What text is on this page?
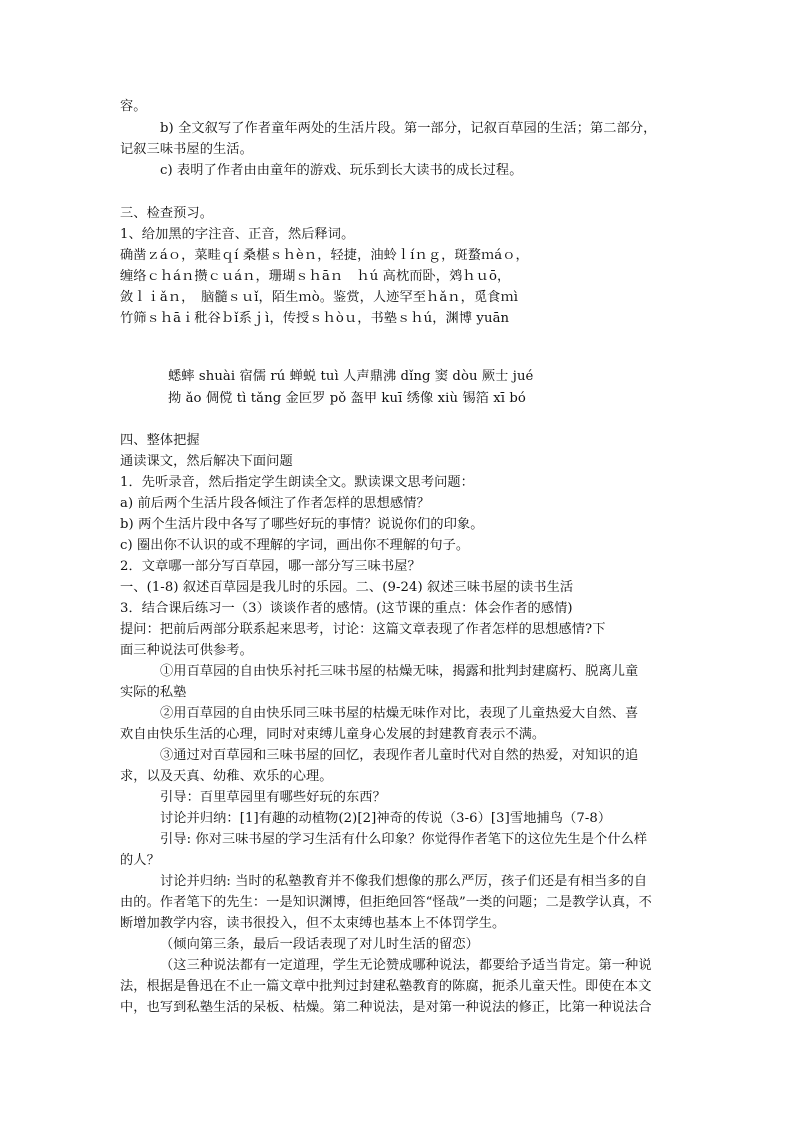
容。
b) 全文叙写了作者童年两处的生活片段。第一部分，记叙百草园的生活；第二部分，
记叙三味书屋的生活。
c) 表明了作者由由童年的游戏、玩乐到长大读书的成长过程。
三、检查预习。
1、给加黑的字注音、正音，然后释词。
确凿ｚáｏ，菜畦ｑí 桑椹ｓｈèｎ，轻捷，油蛉ｌíｎｇ，斑蝥ｍáｏ，
缠络ｃｈáｎ攒ｃｕáｎ，珊瑚ｓｈāｎ　ｈú 高枕而卧，䴔ｈｕō，
敛ｌｉǎｎ，　脑髓ｓｕǐ，陌生ｍò。鉴赏，人迹罕至ｈǎｎ，觅食ｍì
竹筛ｓｈāｉ秕谷ｂǐ系ｊì，传授ｓｈòｕ，书塾ｓｈú，渊博 yuān
蟋蟀 shuài 宿儒 rú 蝉蜕 tuì 人声鼎沸 dǐng 窦 dòu 厥士 jué
拗 ǎo 倜傥 tì tǎng 金叵罗 pǒ 盔甲 kuī 绣像 xiù 锡箔 xī bó
四、整体把握
通读课文，然后解决下面问题
1．先听录音，然后指定学生朗读全文。默读课文思考问题：
a) 前后两个生活片段各倾注了作者怎样的思想感情？
b) 两个生活片段中各写了哪些好玩的事情？说说你们的印象。
c) 圈出你不认识的或不理解的字词，画出你不理解的句子。
2．文章哪一部分写百草园，哪一部分写三味书屋？
一、(1-8) 叙述百草园是我儿时的乐园。二、(9-24) 叙述三味书屋的读书生活
3．结合课后练习一（3）谈谈作者的感情。(这节课的重点：体会作者的感情)
提问：把前后两部分联系起来思考，讨论：这篇文章表现了作者怎样的思想感情?下
面三种说法可供参考。
①用百草园的自由快乐衬托三味书屋的枯燥无味，揭露和批判封建腐朽、脱离儿童
实际的私塾
②用百草园的自由快乐同三味书屋的枯燥无味作对比，表现了儿童热爱大自然、喜
欢自由快乐生活的心理，同时对束缚儿童身心发展的封建教育表示不满。
③通过对百草园和三味书屋的回忆，表现作者儿童时代对自然的热爱，对知识的追
求，以及天真、幼稚、欢乐的心理。
引导：百里草园里有哪些好玩的东西？
讨论并归纳：[1]有趣的动植物(2)[2]神奇的传说（3-6）[3]雪地捕鸟（7-8）
引导: 你对三味书屋的学习生活有什么印象？你觉得作者笔下的这位先生是个什么样
的人？
讨论并归纳: 当时的私塾教育并不像我们想像的那么严厉，孩子们还是有相当多的自
由的。作者笔下的先生：一是知识渊博，但拒绝回答“怪哉”一类的问题；二是教学认真，不
断增加教学内容，读书很投入，但不太束缚也基本上不体罚学生。
（倾向第三条，最后一段话表现了对儿时生活的留恋）
（这三种说法都有一定道理，学生无论赞成哪种说法，都要给予适当肯定。第一种说
法，根据是鲁迅在不止一篇文章中批判过封建私塾教育的陈腐，扼杀儿童天性。即使在本文
中，也写到私塾生活的呆板、枯燥。第二种说法，是对第一种说法的修正，比第一种说法合
